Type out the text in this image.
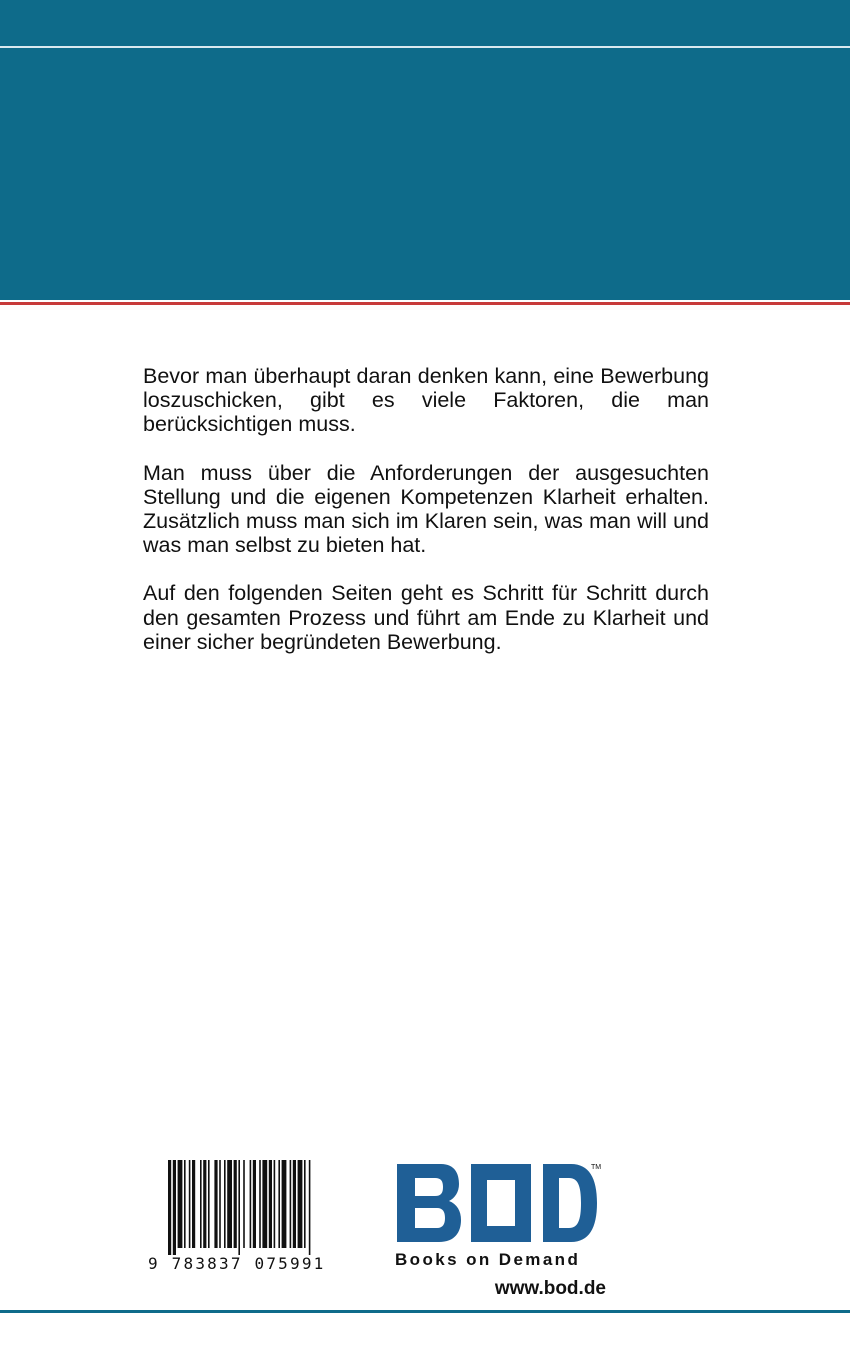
Bevor man überhaupt daran denken kann, eine Bewerbung loszuschicken, gibt es viele Faktoren, die man berücksichtigen muss.

Man muss über die Anforderungen der ausgesuchten Stellung und die eigenen Kompetenzen Klarheit erhalten. Zusätzlich muss man sich im Klaren sein, was man will und was man selbst zu bieten hat.

Auf den folgenden Seiten geht es Schritt für Schritt durch den gesamten Prozess und führt am Ende zu Klarheit und einer sicher begründeten Bewerbung.

9 783837 075991
TM
Books on Demand
www.bod.de
